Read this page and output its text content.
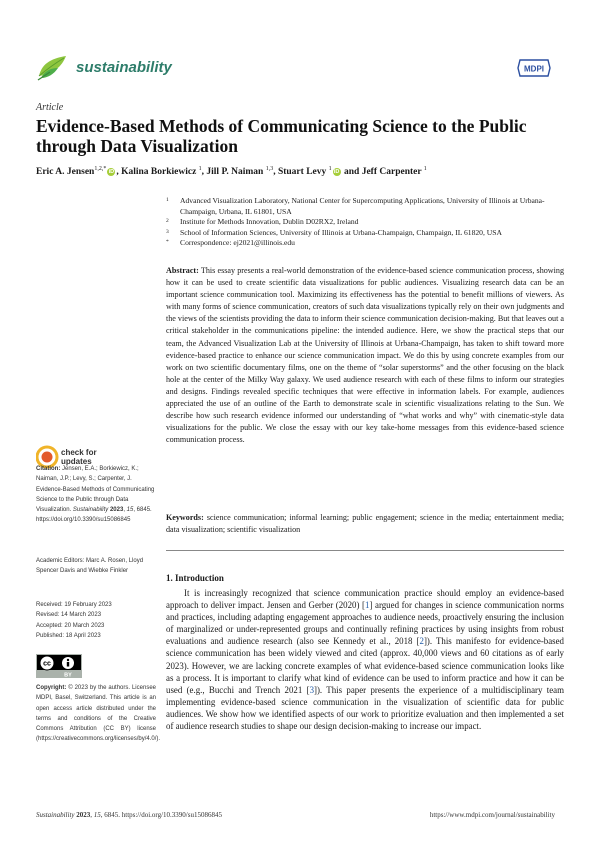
sustainability	MDPI
Article
Evidence-Based Methods of Communicating Science to the Public through Data Visualization
Eric A. Jensen$^{1,2,*}$iD , Kalina Borkiewicz $^1$, Jill P. Naiman $^{1,3}$, Stuart Levy $^1$iD and Jeff Carpenter $^1$
1 Advanced Visualization Laboratory, National Center for Supercomputing Applications, University of Illinois at Urbana-Champaign, Urbana, IL 61801, USA
2 Institute for Methods Innovation, Dublin D02RX2, Ireland
3 School of Information Sciences, University of Illinois at Urbana-Champaign, Champaign, IL 61820, USA
* Correspondence: ej2021@illinois.edu
Abstract: This essay presents a real-world demonstration of the evidence-based science communication process, showing how it can be used to create scientific data visualizations for public audiences. Visualizing research data can be an important science communication tool. Maximizing its effectiveness has the potential to benefit millions of viewers. As with many forms of science communication, creators of such data visualizations typically rely on their own judgments and the views of the scientists providing the data to inform their science communication decision-making. But that leaves out a critical stakeholder in the communications pipeline: the intended audience. Here, we show the practical steps that our team, the Advanced Visualization Lab at the University of Illinois at Urbana-Champaign, has taken to shift toward more evidence-based practice to enhance our science communication impact. We do this by using concrete examples from our work on two scientific documentary films, one on the theme of “solar superstorms” and the other focusing on the black hole at the center of the Milky Way galaxy. We used audience research with each of these films to inform our strategies and designs. Findings revealed specific techniques that were effective in information labels. For example, audiences appreciated the use of an outline of the Earth to demonstrate scale in scientific visualizations relating to the Sun. We describe how such research evidence informed our understanding of “what works and why” with cinematic-style data visualizations for the public. We close the essay with our key take-home messages from this evidence-based science communication process.
Keywords: science communication; informal learning; public engagement; science in the media; entertainment media; data visualization; scientific visualization
1. Introduction
It is increasingly recognized that science communication practice should employ an evidence-based approach to deliver impact. Jensen and Gerber (2020) [1] argued for changes in science communication norms and practices, including adapting engagement approaches to audience needs, proactively ensuring the inclusion of marginalized or under-represented groups and continually refining practices by using insights from robust evaluations and audience research (also see Kennedy et al., 2018 [2]). This manifesto for evidence-based science communication has been widely viewed and cited (approx. 40,000 views and 60 citations as of early 2023). However, we are lacking concrete examples of what evidence-based science communication looks like as a process. It is important to clarify what kind of evidence can be used to inform practice and how it can be used (e.g., Bucchi and Trench 2021 [3]). This paper presents the experience of a multidisciplinary team implementing evidence-based science communication in the visualization of scientific data for public audiences. We show how we identified aspects of our work to prioritize evaluation and then implemented a set of audience research studies to shape our design decision-making to increase our impact.
check for
updates
Citation: Jensen, E.A.; Borkiewicz, K.; Naiman, J.P.; Levy, S.; Carpenter, J. Evidence-Based Methods of Communicating Science to the Public through Data Visualization. Sustainability 2023, 15, 6845. https://doi.org/10.3390/su15086845
Academic Editors: Marc A. Rosen, Lloyd Spencer Davis and Wiebke Finkler
Received: 19 February 2023
Revised: 14 March 2023
Accepted: 20 March 2023
Published: 18 April 2023
cc
BY
Copyright: © 2023 by the authors. Licensee MDPI, Basel, Switzerland. This article is an open access article distributed under the terms and conditions of the Creative Commons Attribution (CC BY) license (https://creativecommons.org/licenses/by/4.0/).
Sustainability 2023, 15, 6845. https://doi.org/10.3390/su15086845	https://www.mdpi.com/journal/sustainability
